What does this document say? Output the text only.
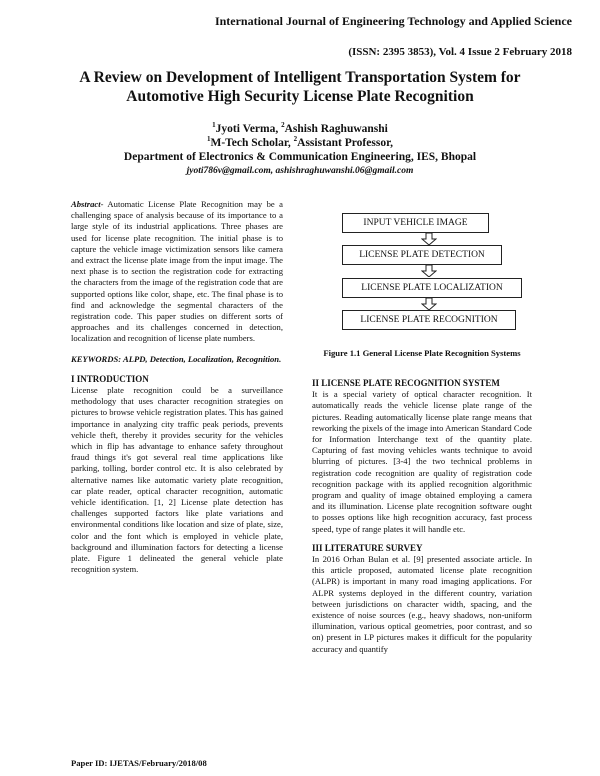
International Journal of Engineering Technology and Applied Science
(ISSN: 2395 3853), Vol. 4 Issue 2 February 2018
A Review on Development of Intelligent Transportation System for
Automotive High Security License Plate Recognition
$^1$Jyoti Verma, $^2$Ashish Raghuwanshi
$^1$M-Tech Scholar, $^2$Assistant Professor,
Department of Electronics & Communication Engineering, IES, Bhopal
jyoti786v@gmail.com, ashishraghuwanshi.06@gmail.com

Abstract- Automatic License Plate Recognition may be a challenging space of analysis because of its importance to a large style of its industrial applications. Three phases are used for license plate recognition. The initial phase is to capture the vehicle image victimization sensors like camera and extract the license plate image from the input image. The next phase is to section the registration code for extracting the characters from the image of the registration code that are supported options like color, shape, etc. The final phase is to find and acknowledge the segmental characters of the registration code. This paper studies on different sorts of approaches and its challenges concerned in detection, localization and recognition of license plate numbers.

KEYWORDS: ALPD, Detection, Localization, Recognition.

I INTRODUCTION

License plate recognition could be a surveillance methodology that uses character recognition strategies on pictures to browse vehicle registration plates. This has gained importance in analyzing city traffic peak periods, prevents vehicle theft, thereby it provides security for the vehicles which in flip has advantage to enhance safety throughout fraud things it's got several real time applications like parking, tolling, border control etc. It is also celebrated by alternative names like automatic variety plate recognition, car plate reader, optical character recognition, automatic vehicle identification. [1, 2] License plate detection has challenges supported factors like plate variations and environmental conditions like location and size of plate, size, color and the font which is employed in vehicle plate, background and illumination factors for detecting a license plate. Figure 1 delineated the general vehicle plate recognition system.

INPUT VEHICLE IMAGE
LICENSE PLATE DETECTION
LICENSE PLATE LOCALIZATION
LICENSE PLATE RECOGNITION
Figure 1.1 General License Plate Recognition Systems

II LICENSE PLATE RECOGNITION SYSTEM

It is a special variety of optical character recognition. It automatically reads the vehicle license plate range of the pictures. Reading automatically license plate range means that reworking the pixels of the image into American Standard Code for Information Interchange text of the quantity plate. Capturing of fast moving vehicles wants technique to avoid blurring of pictures. [3-4] the two technical problems in registration code recognition are quality of registration code recognition package with its applied recognition algorithmic program and quality of image obtained employing a camera and its illumination. License plate recognition software ought to posses options like high recognition accuracy, fast process speed, type of range plates it will handle etc.

III LITERATURE SURVEY

In 2016 Orhan Bulan et al. [9] presented associate article. In this article proposed, automated license plate recognition (ALPR) is important in many road imaging applications. For ALPR systems deployed in the different country, variation between jurisdictions on character width, spacing, and the existence of noise sources (e.g., heavy shadows, non-uniform illumination, various optical geometries, poor contrast, and so on) present in LP pictures makes it difficult for the popularity accuracy and quantify

Paper ID: IJETAS/February/2018/08
